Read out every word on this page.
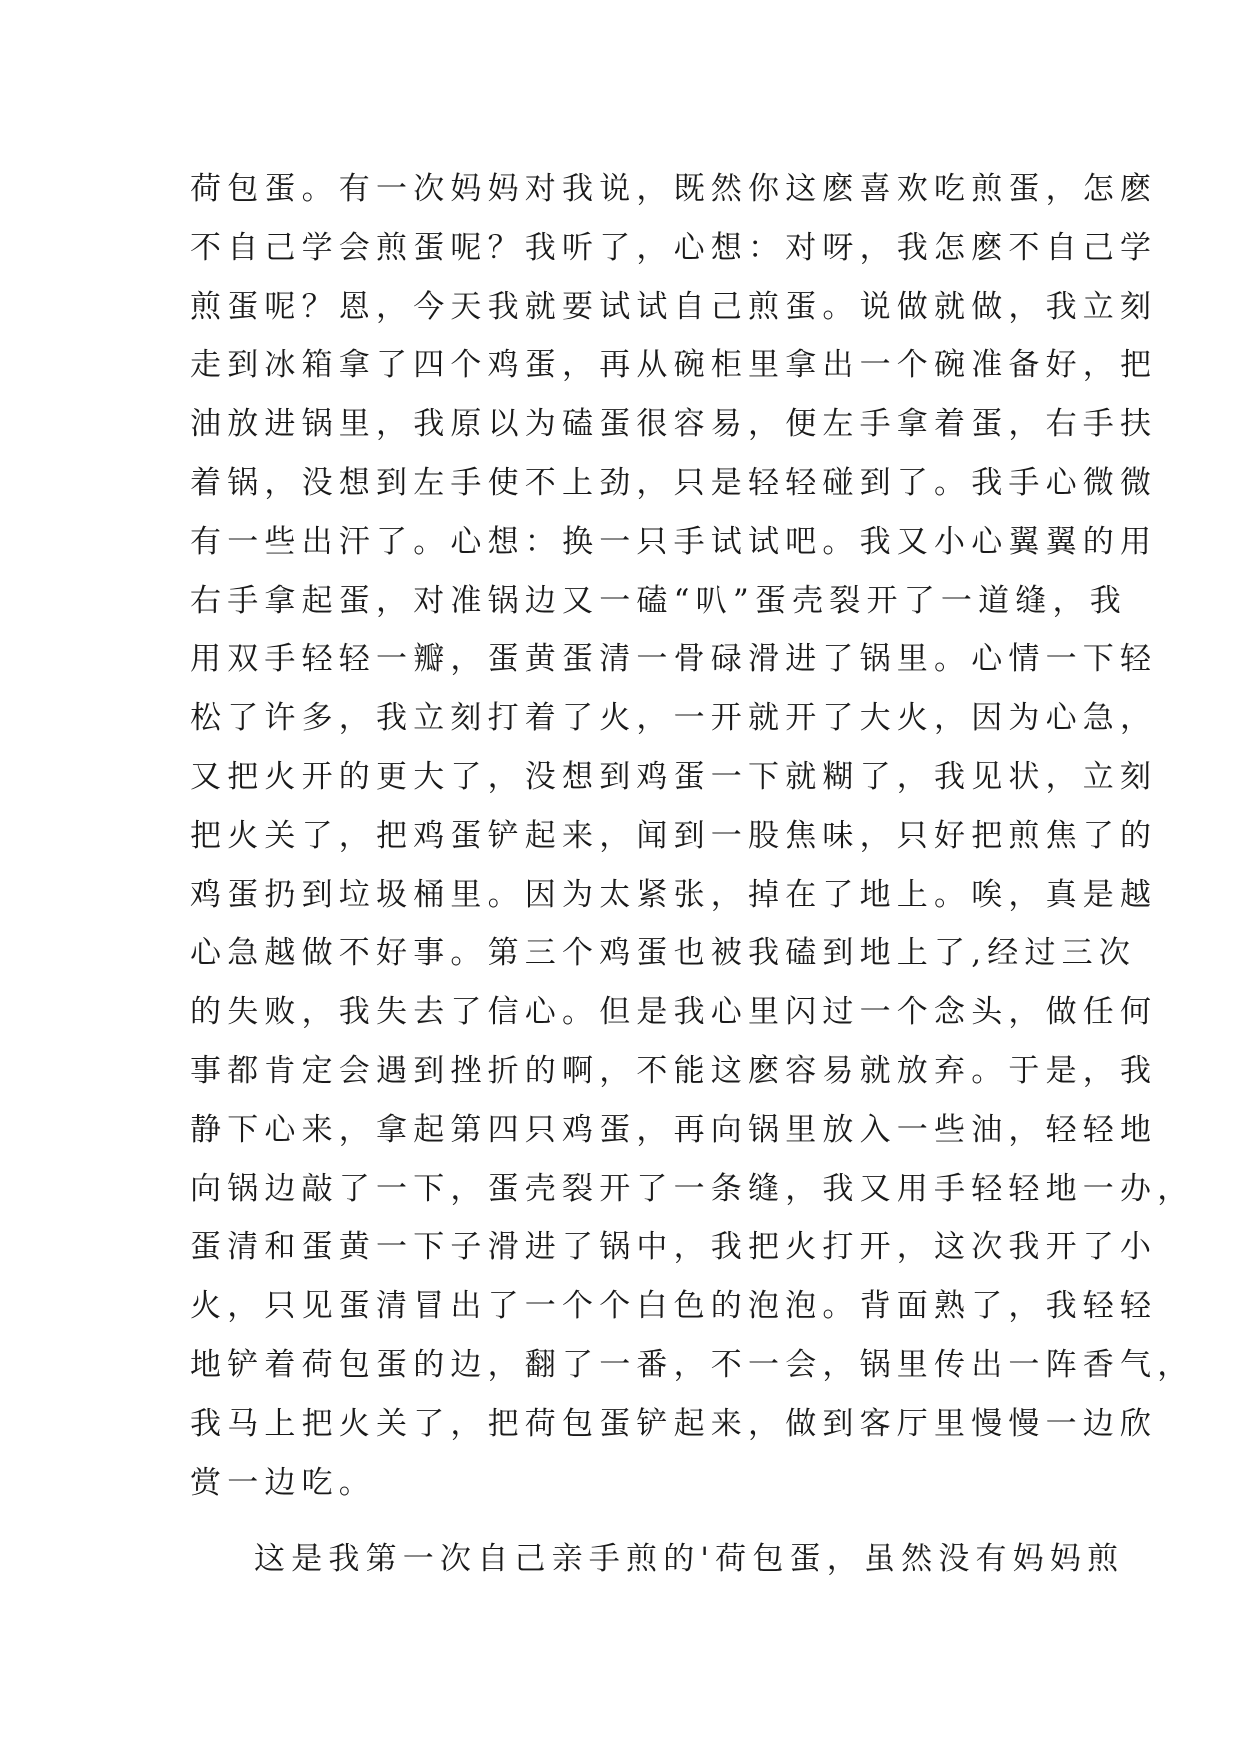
荷包蛋。有一次妈妈对我说，既然你这麽喜欢吃煎蛋，怎麽
不自己学会煎蛋呢？我听了，心想：对呀，我怎麽不自己学
煎蛋呢？恩，今天我就要试试自己煎蛋。说做就做，我立刻
走到冰箱拿了四个鸡蛋，再从碗柜里拿出一个碗准备好，把
油放进锅里，我原以为磕蛋很容易，便左手拿着蛋，右手扶
着锅，没想到左手使不上劲，只是轻轻碰到了。我手心微微
有一些出汗了。心想：换一只手试试吧。我又小心翼翼的用
右手拿起蛋，对准锅边又一磕“叭”蛋壳裂开了一道缝，我
用双手轻轻一瓣，蛋黄蛋清一骨碌滑进了锅里。心情一下轻
松了许多，我立刻打着了火，一开就开了大火，因为心急，
又把火开的更大了，没想到鸡蛋一下就糊了，我见状，立刻
把火关了，把鸡蛋铲起来，闻到一股焦味，只好把煎焦了的
鸡蛋扔到垃圾桶里。因为太紧张，掉在了地上。唉，真是越
心急越做不好事。第三个鸡蛋也被我磕到地上了,经过三次
的失败，我失去了信心。但是我心里闪过一个念头，做任何
事都肯定会遇到挫折的啊，不能这麽容易就放弃。于是，我
静下心来，拿起第四只鸡蛋，再向锅里放入一些油，轻轻地
向锅边敲了一下，蛋壳裂开了一条缝，我又用手轻轻地一办，
蛋清和蛋黄一下子滑进了锅中，我把火打开，这次我开了小
火，只见蛋清冒出了一个个白色的泡泡。背面熟了，我轻轻
地铲着荷包蛋的边，翻了一番，不一会，锅里传出一阵香气，
我马上把火关了，把荷包蛋铲起来，做到客厅里慢慢一边欣
赏一边吃。
这是我第一次自己亲手煎的'荷包蛋，虽然没有妈妈煎
